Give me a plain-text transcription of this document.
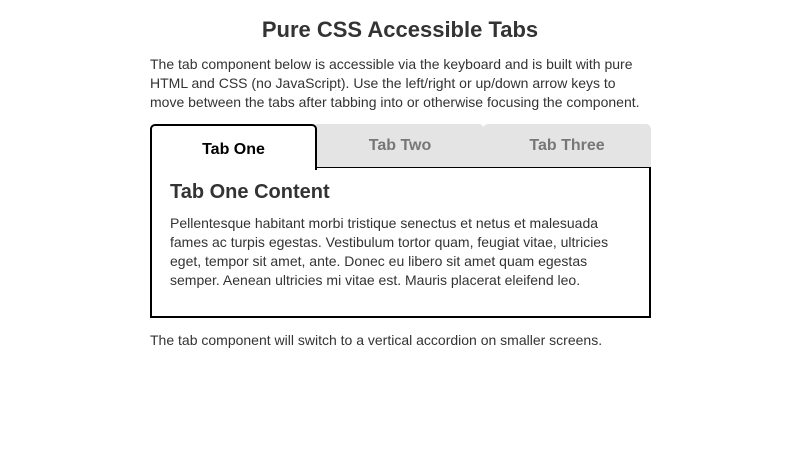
Pure CSS Accessible Tabs

The tab component below is accessible via the keyboard and is built with pure HTML and CSS (no JavaScript). Use the left/right or up/down arrow keys to move between the tabs after tabbing into or otherwise focusing the component.

Tab One	Tab Two	Tab Three
Tab One Content

Pellentesque habitant morbi tristique senectus et netus et malesuada fames ac turpis egestas. Vestibulum tortor quam, feugiat vitae, ultricies eget, tempor sit amet, ante. Donec eu libero sit amet quam egestas semper. Aenean ultricies mi vitae est. Mauris placerat eleifend leo.

The tab component will switch to a vertical accordion on smaller screens.
